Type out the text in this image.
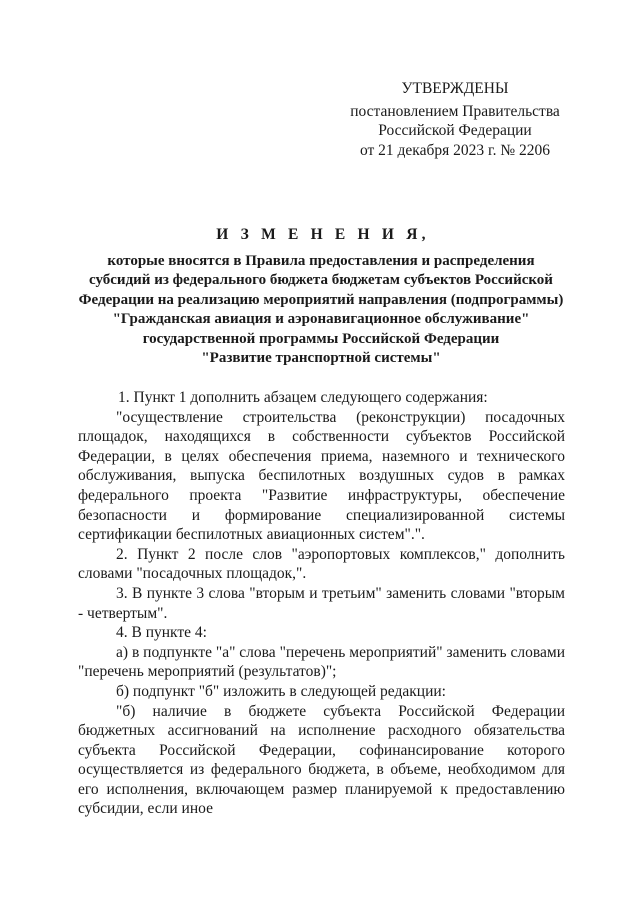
УТВЕРЖДЕНЫ
постановлением Правительства
Российской Федерации
от 21 декабря 2023 г. № 2206
И З М Е Н Е Н И Я,
которые вносятся в Правила предоставления и распределения
субсидий из федерального бюджета бюджетам субъектов Российской
Федерации на реализацию мероприятий направления (подпрограммы)
"Гражданская авиация и аэронавигационное обслуживание"
государственной программы Российской Федерации
"Развитие транспортной системы"

1. Пункт 1 дополнить абзацем следующего содержания:

"осуществление строительства (реконструкции) посадочных площадок, находящихся в собственности субъектов Российской Федерации, в целях обеспечения приема, наземного и технического обслуживания, выпуска беспилотных воздушных судов в рамках федерального проекта "Развитие инфраструктуры, обеспечение безопасности и формирование специализированной системы сертификации беспилотных авиационных систем".".

2. Пункт 2 после слов "аэропортовых комплексов," дополнить словами "посадочных площадок,".

3. В пункте 3 слова "вторым и третьим" заменить словами "вторым - четвертым".

4. В пункте 4:

а) в подпункте "а" слова "перечень мероприятий" заменить словами "перечень мероприятий (результатов)";

б) подпункт "б" изложить в следующей редакции:

"б) наличие в бюджете субъекта Российской Федерации бюджетных ассигнований на исполнение расходного обязательства субъекта Российской Федерации, софинансирование которого осуществляется из федерального бюджета, в объеме, необходимом для его исполнения, включающем размер планируемой к предоставлению субсидии, если иное
